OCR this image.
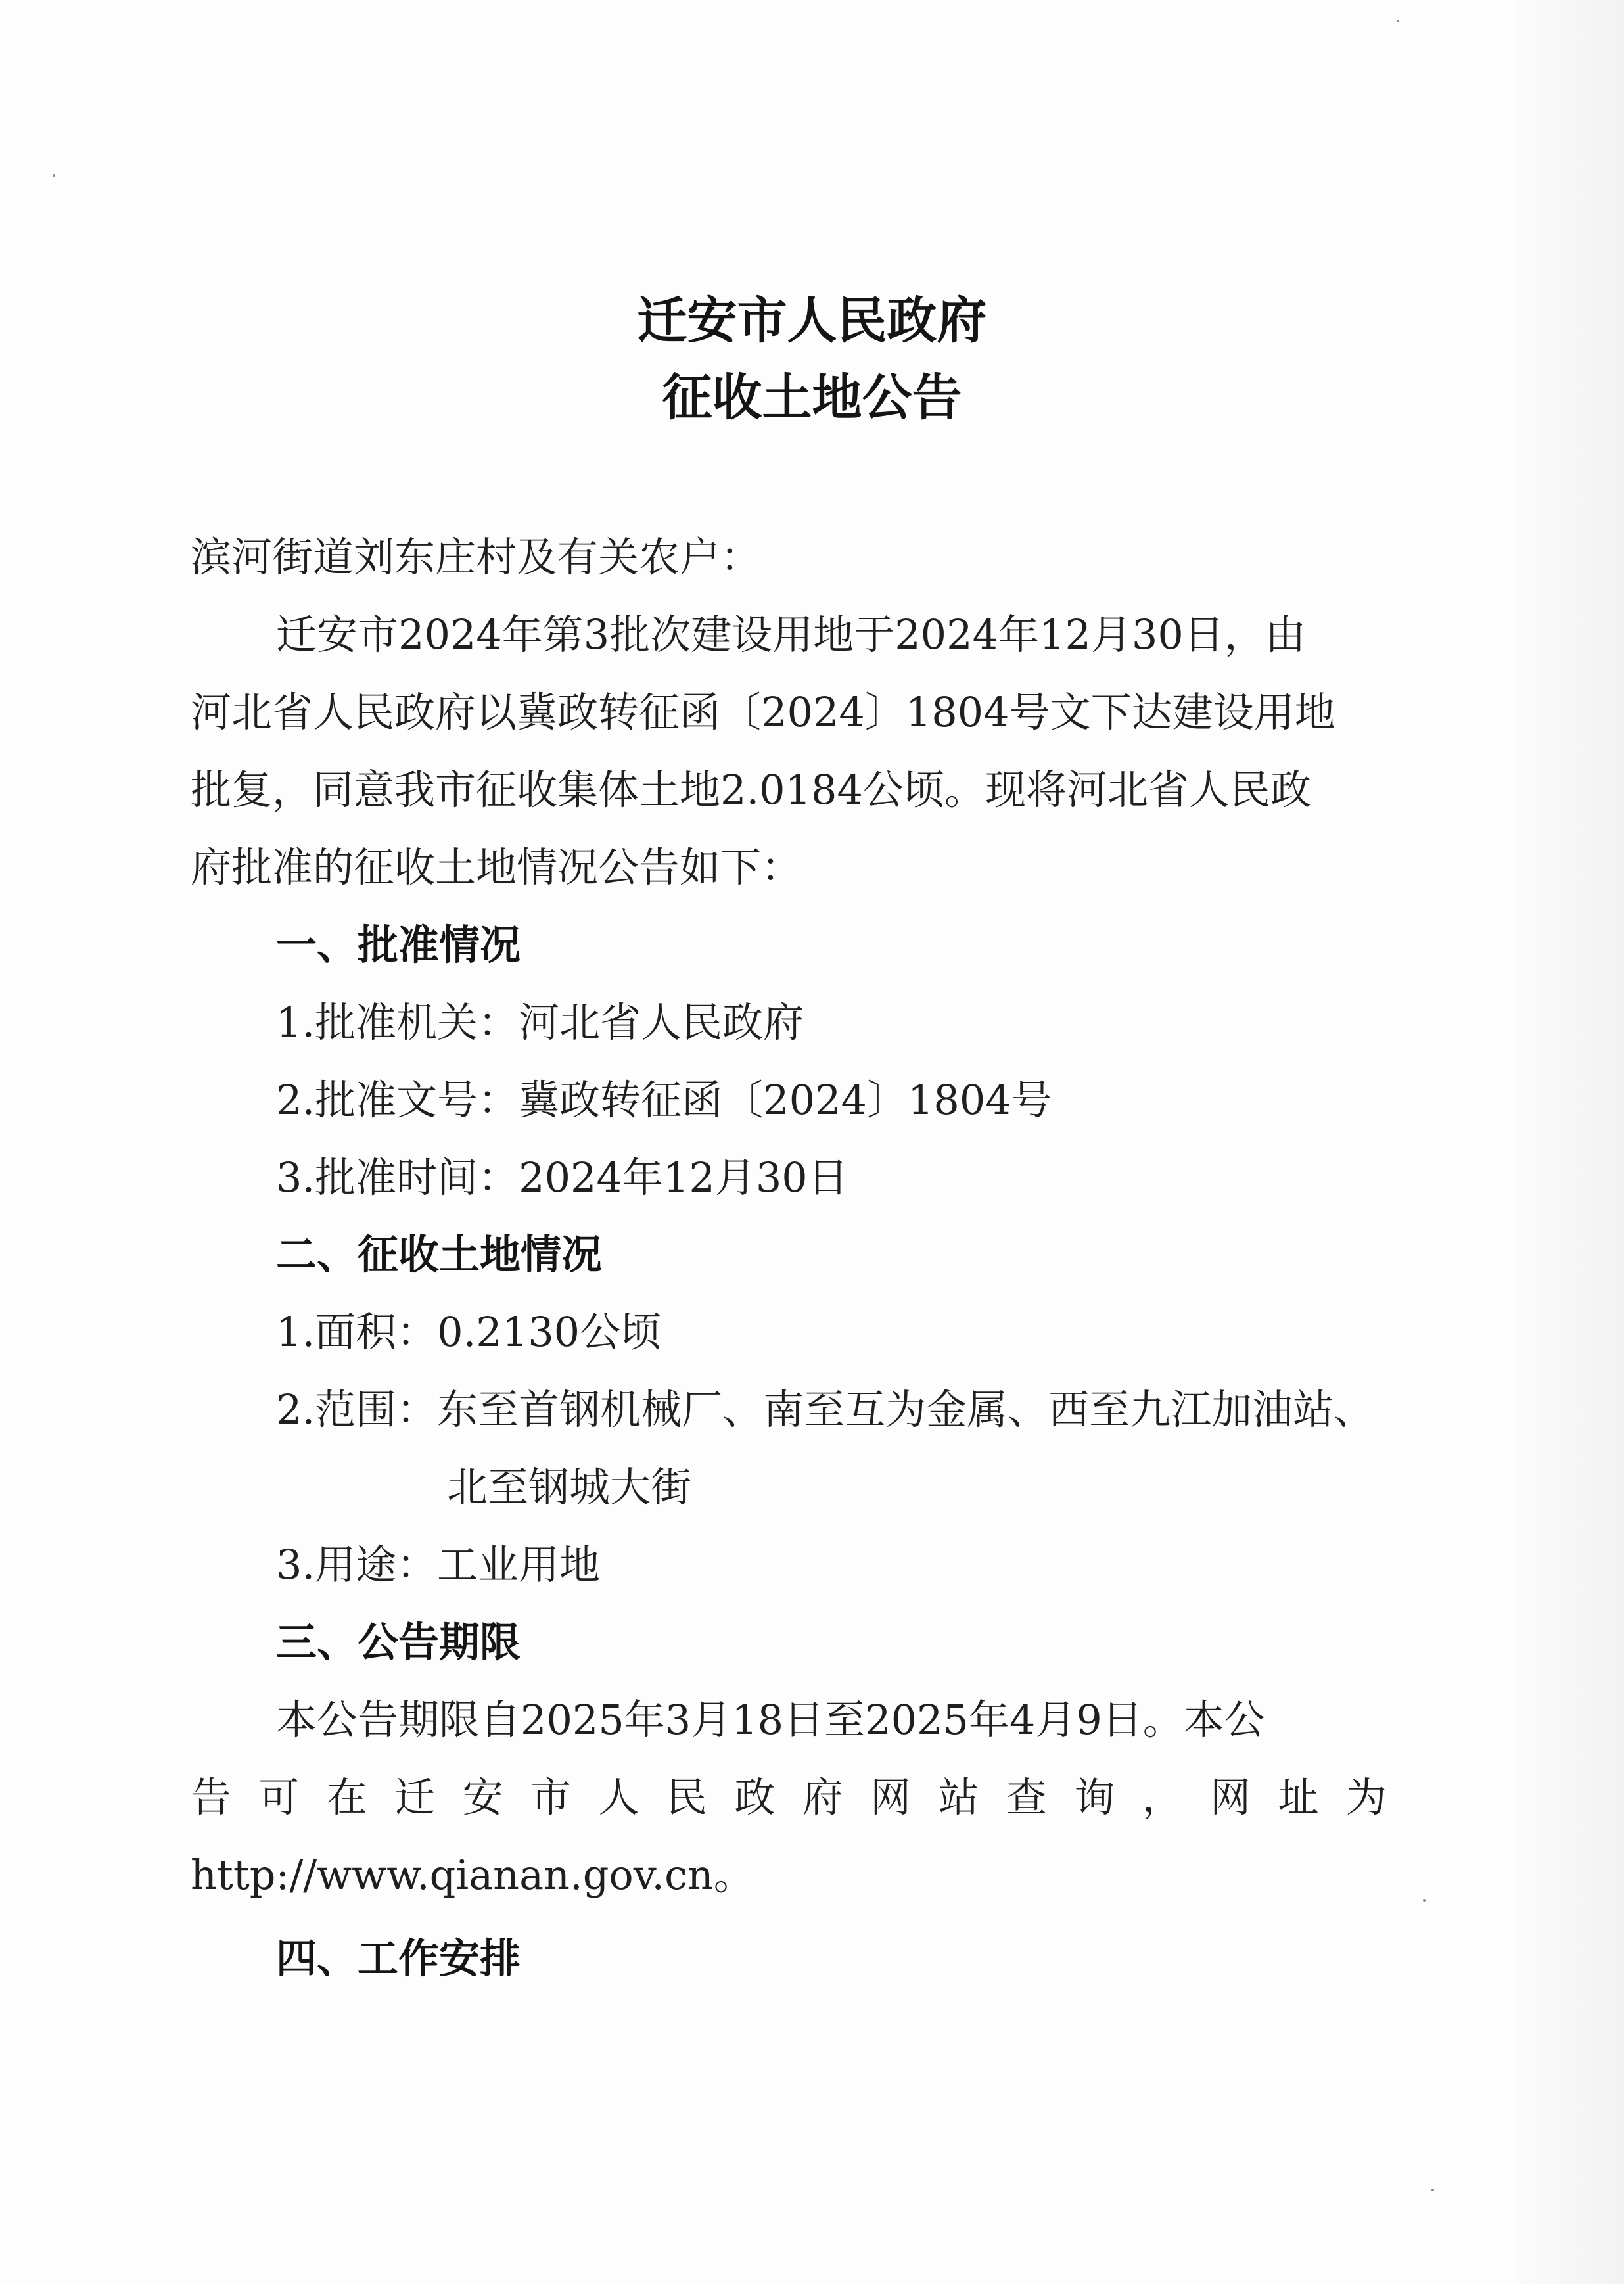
迁安市人民政府
征收土地公告
滨河街道刘东庄村及有关农户：
迁安市2024年第3批次建设用地于2024年12月30日，由
河北省人民政府以冀政转征函〔2024〕1804号文下达建设用地
批复，同意我市征收集体土地2.0184公顷。现将河北省人民政
府批准的征收土地情况公告如下：
一、批准情况
1.批准机关：河北省人民政府
2.批准文号：冀政转征函〔2024〕1804号
3.批准时间：2024年12月30日
二、征收土地情况
1.面积：0.2130公顷
2.范围：东至首钢机械厂、南至互为金属、西至九江加油站、
北至钢城大街
3.用途：工业用地
三、公告期限
本公告期限自2025年3月18日至2025年4月9日。本公
告 可 在 迁 安 市 人 民 政 府 网 站 查 询 ， 网 址 为
http://www.qianan.gov.cn。
四、工作安排
